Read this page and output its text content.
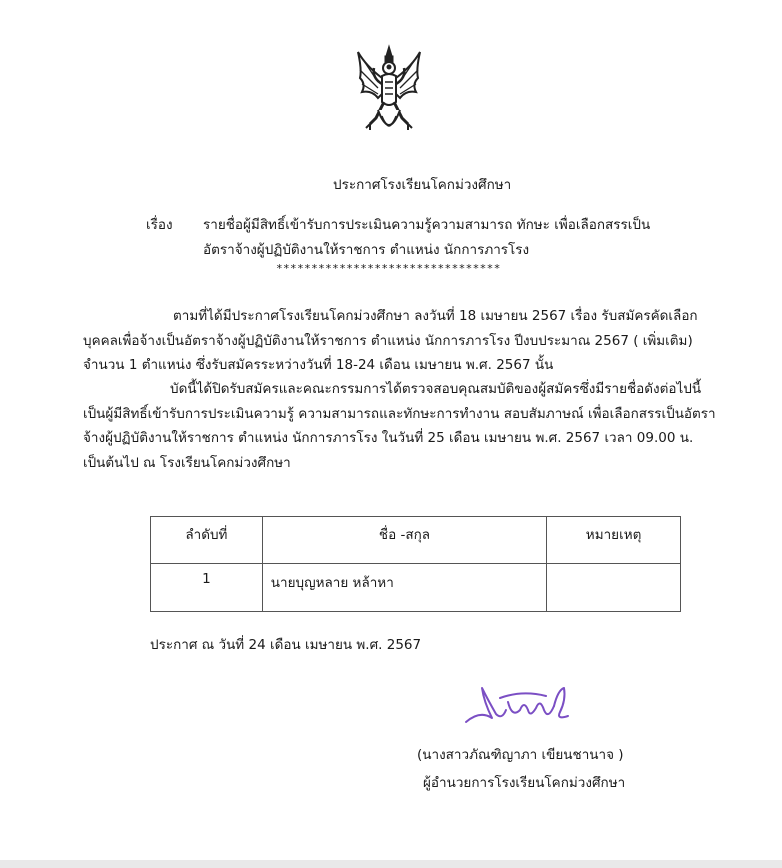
ประกาศโรงเรียนโคกม่วงศึกษา
เรื่อง รายชื่อผู้มีสิทธิ์เข้ารับการประเมินความรู้ความสามารถ ทักษะ เพื่อเลือกสรรเป็น
อัตราจ้างผู้ปฏิบัติงานให้ราชการ ตำแหน่ง นักการภารโรง
********************************
ตามที่ได้มีประกาศโรงเรียนโคกม่วงศึกษา ลงวันที่ 18 เมษายน 2567 เรื่อง รับสมัครคัดเลือก
บุคคลเพื่อจ้างเป็นอัตราจ้างผู้ปฏิบัติงานให้ราชการ ตำแหน่ง นักการภารโรง ปีงบประมาณ 2567 ( เพิ่มเติม)
จำนวน 1 ตำแหน่ง ซึ่งรับสมัครระหว่างวันที่ 18-24 เดือน เมษายน พ.ศ. 2567 นั้น
บัดนี้ได้ปิดรับสมัครและคณะกรรมการได้ตรวจสอบคุณสมบัติของผู้สมัครซึ่งมีรายชื่อดังต่อไปนี้
เป็นผู้มีสิทธิ์เข้ารับการประเมินความรู้ ความสามารถและทักษะการทำงาน สอบสัมภาษณ์ เพื่อเลือกสรรเป็นอัตรา
จ้างผู้ปฏิบัติงานให้ราชการ ตำแหน่ง นักการภารโรง ในวันที่ 25 เดือน เมษายน พ.ศ. 2567 เวลา 09.00 น.
เป็นต้นไป ณ โรงเรียนโคกม่วงศึกษา
ลำดับที่	ชื่อ -สกุล	หมายเหตุ
1	นายบุญหลาย หล้าหา	
ประกาศ ณ วันที่ 24 เดือน เมษายน พ.ศ. 2567
(นางสาวภัณฑิญาภา เขียนชานาจ )
ผู้อำนวยการโรงเรียนโคกม่วงศึกษา
